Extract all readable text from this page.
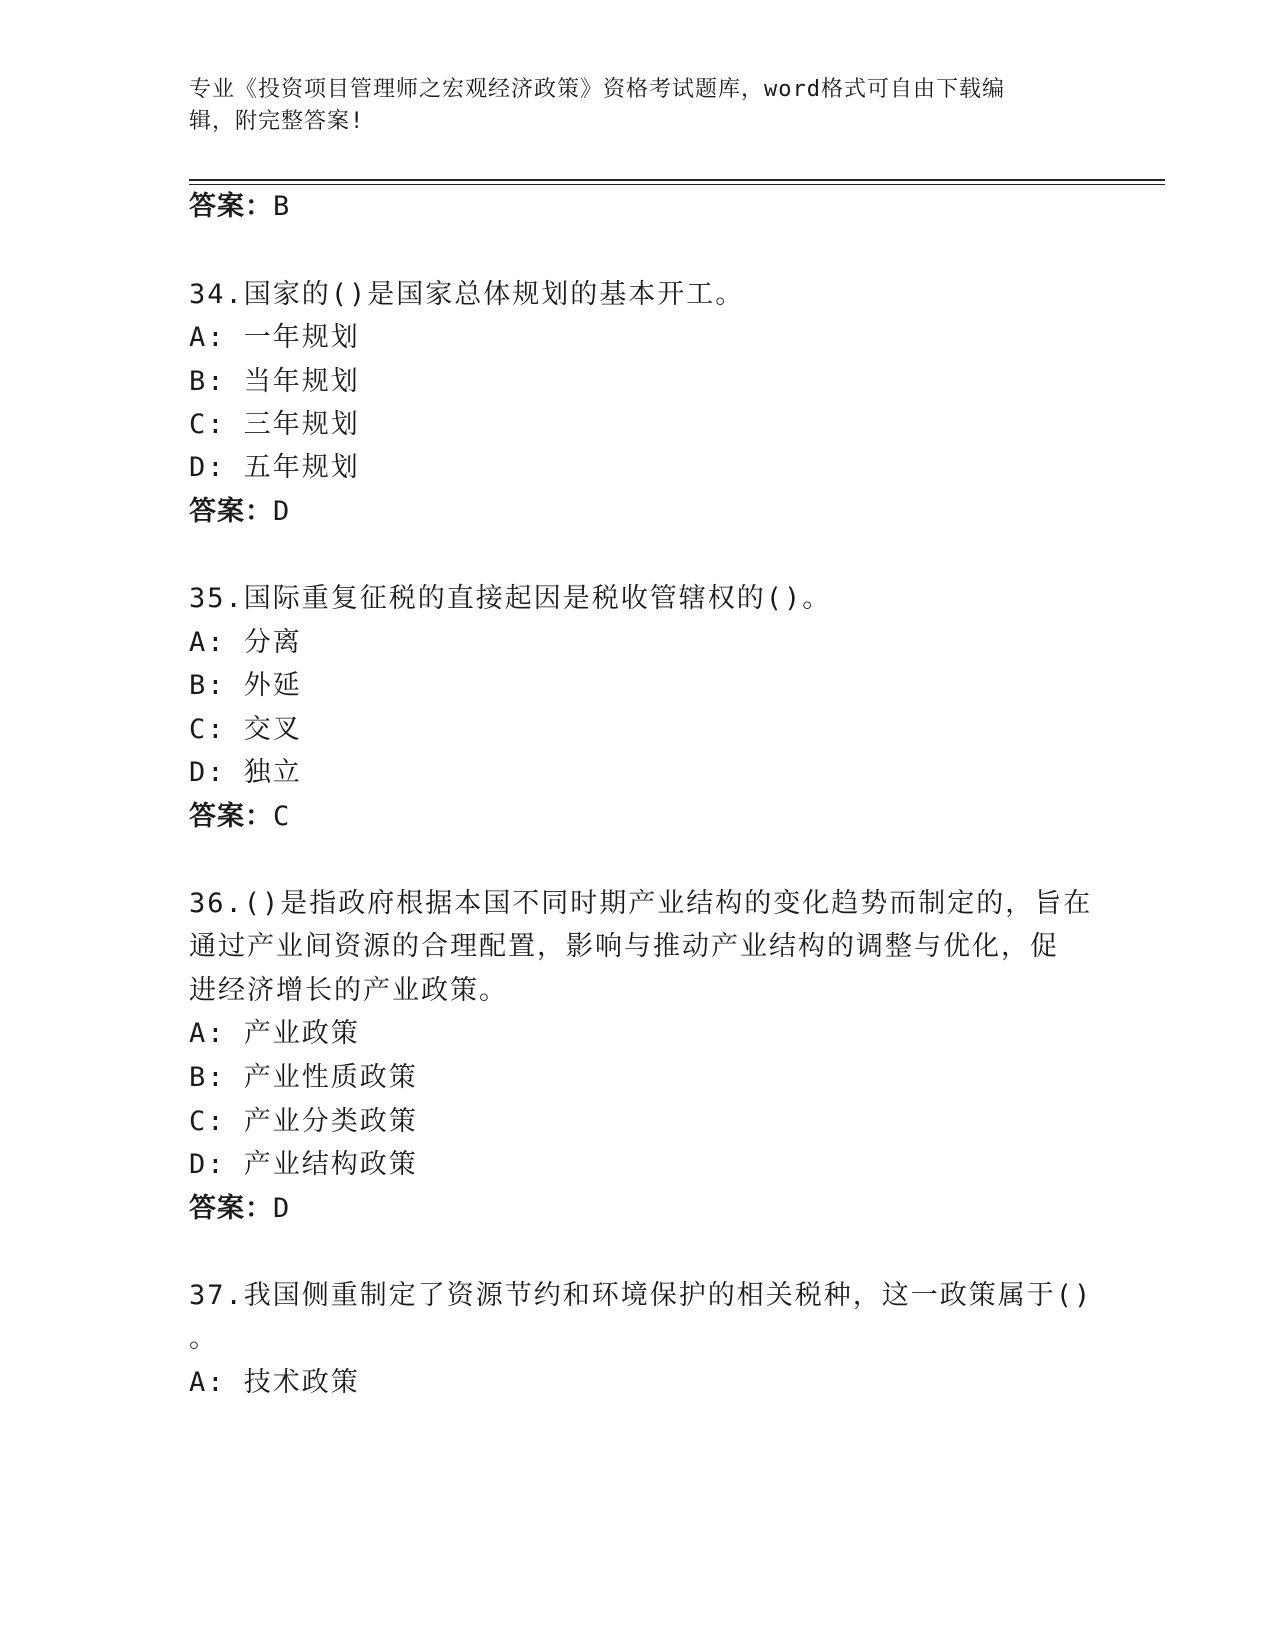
专业《投资项目管理师之宏观经济政策》资格考试题库，word格式可自由下载编
辑，附完整答案!
答案：B
34.国家的()是国家总体规划的基本开工。
A: 一年规划
B: 当年规划
C: 三年规划
D: 五年规划
答案：D
35.国际重复征税的直接起因是税收管辖权的()。
A: 分离
B: 外延
C: 交叉
D: 独立
答案：C
36.()是指政府根据本国不同时期产业结构的变化趋势而制定的，旨在
通过产业间资源的合理配置，影响与推动产业结构的调整与优化，促
进经济增长的产业政策。
A: 产业政策
B: 产业性质政策
C: 产业分类政策
D: 产业结构政策
答案：D
37.我国侧重制定了资源节约和环境保护的相关税种，这一政策属于()
。
A: 技术政策
